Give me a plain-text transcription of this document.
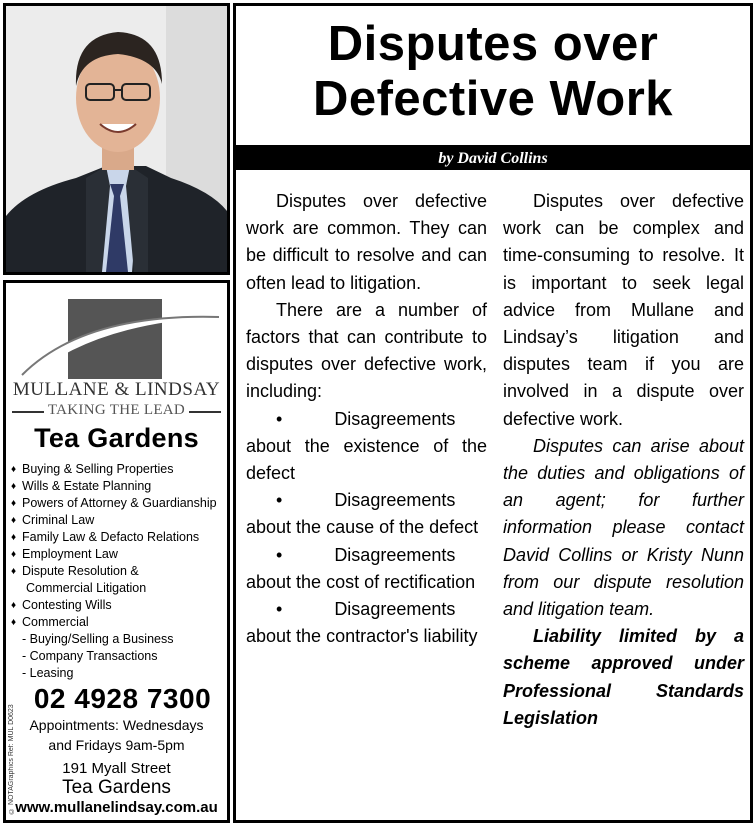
MULLANE & LINDSAY
TAKING THE LEAD
Tea Gardens
♦ Buying & Selling Properties
♦ Wills & Estate Planning
♦ Powers of Attorney & Guardianship
♦ Criminal Law
♦ Family Law & Defacto Relations
♦ Employment Law
♦ Dispute Resolution &
Commercial Litigation
♦ Contesting Wills
♦ Commercial
- Buying/Selling a Business
- Company Transactions
- Leasing
© NOTAGraphics Ref: MUL D0623
02 4928 7300
Appointments: Wednesdays
and Fridays 9am-5pm
191 Myall Street
Tea Gardens
www.mullanelindsay.com.au
Disputes over
Defective Work
by David Collins

Disputes over defective work are common. They can be difficult to resolve and can often lead to litigation.

There are a number of factors that can contribute to disputes over defective work, including:

•	Disagreements about the existence of the defect

•	Disagreements about the cause of the defect

•	Disagreements about the cost of rectification

•	Disagreements about the contractor's liability

Disputes over defective work can be complex and time-consuming to resolve. It is important to seek legal advice from Mullane and Lindsay’s litigation and disputes team if you are involved in a dispute over defective work.

Disputes can arise about the duties and obligations of an agent; for further information please contact David Collins or Kristy Nunn from our dispute resolution and litigation team.

Liability limited by a scheme approved under Professional Standards Legislation
